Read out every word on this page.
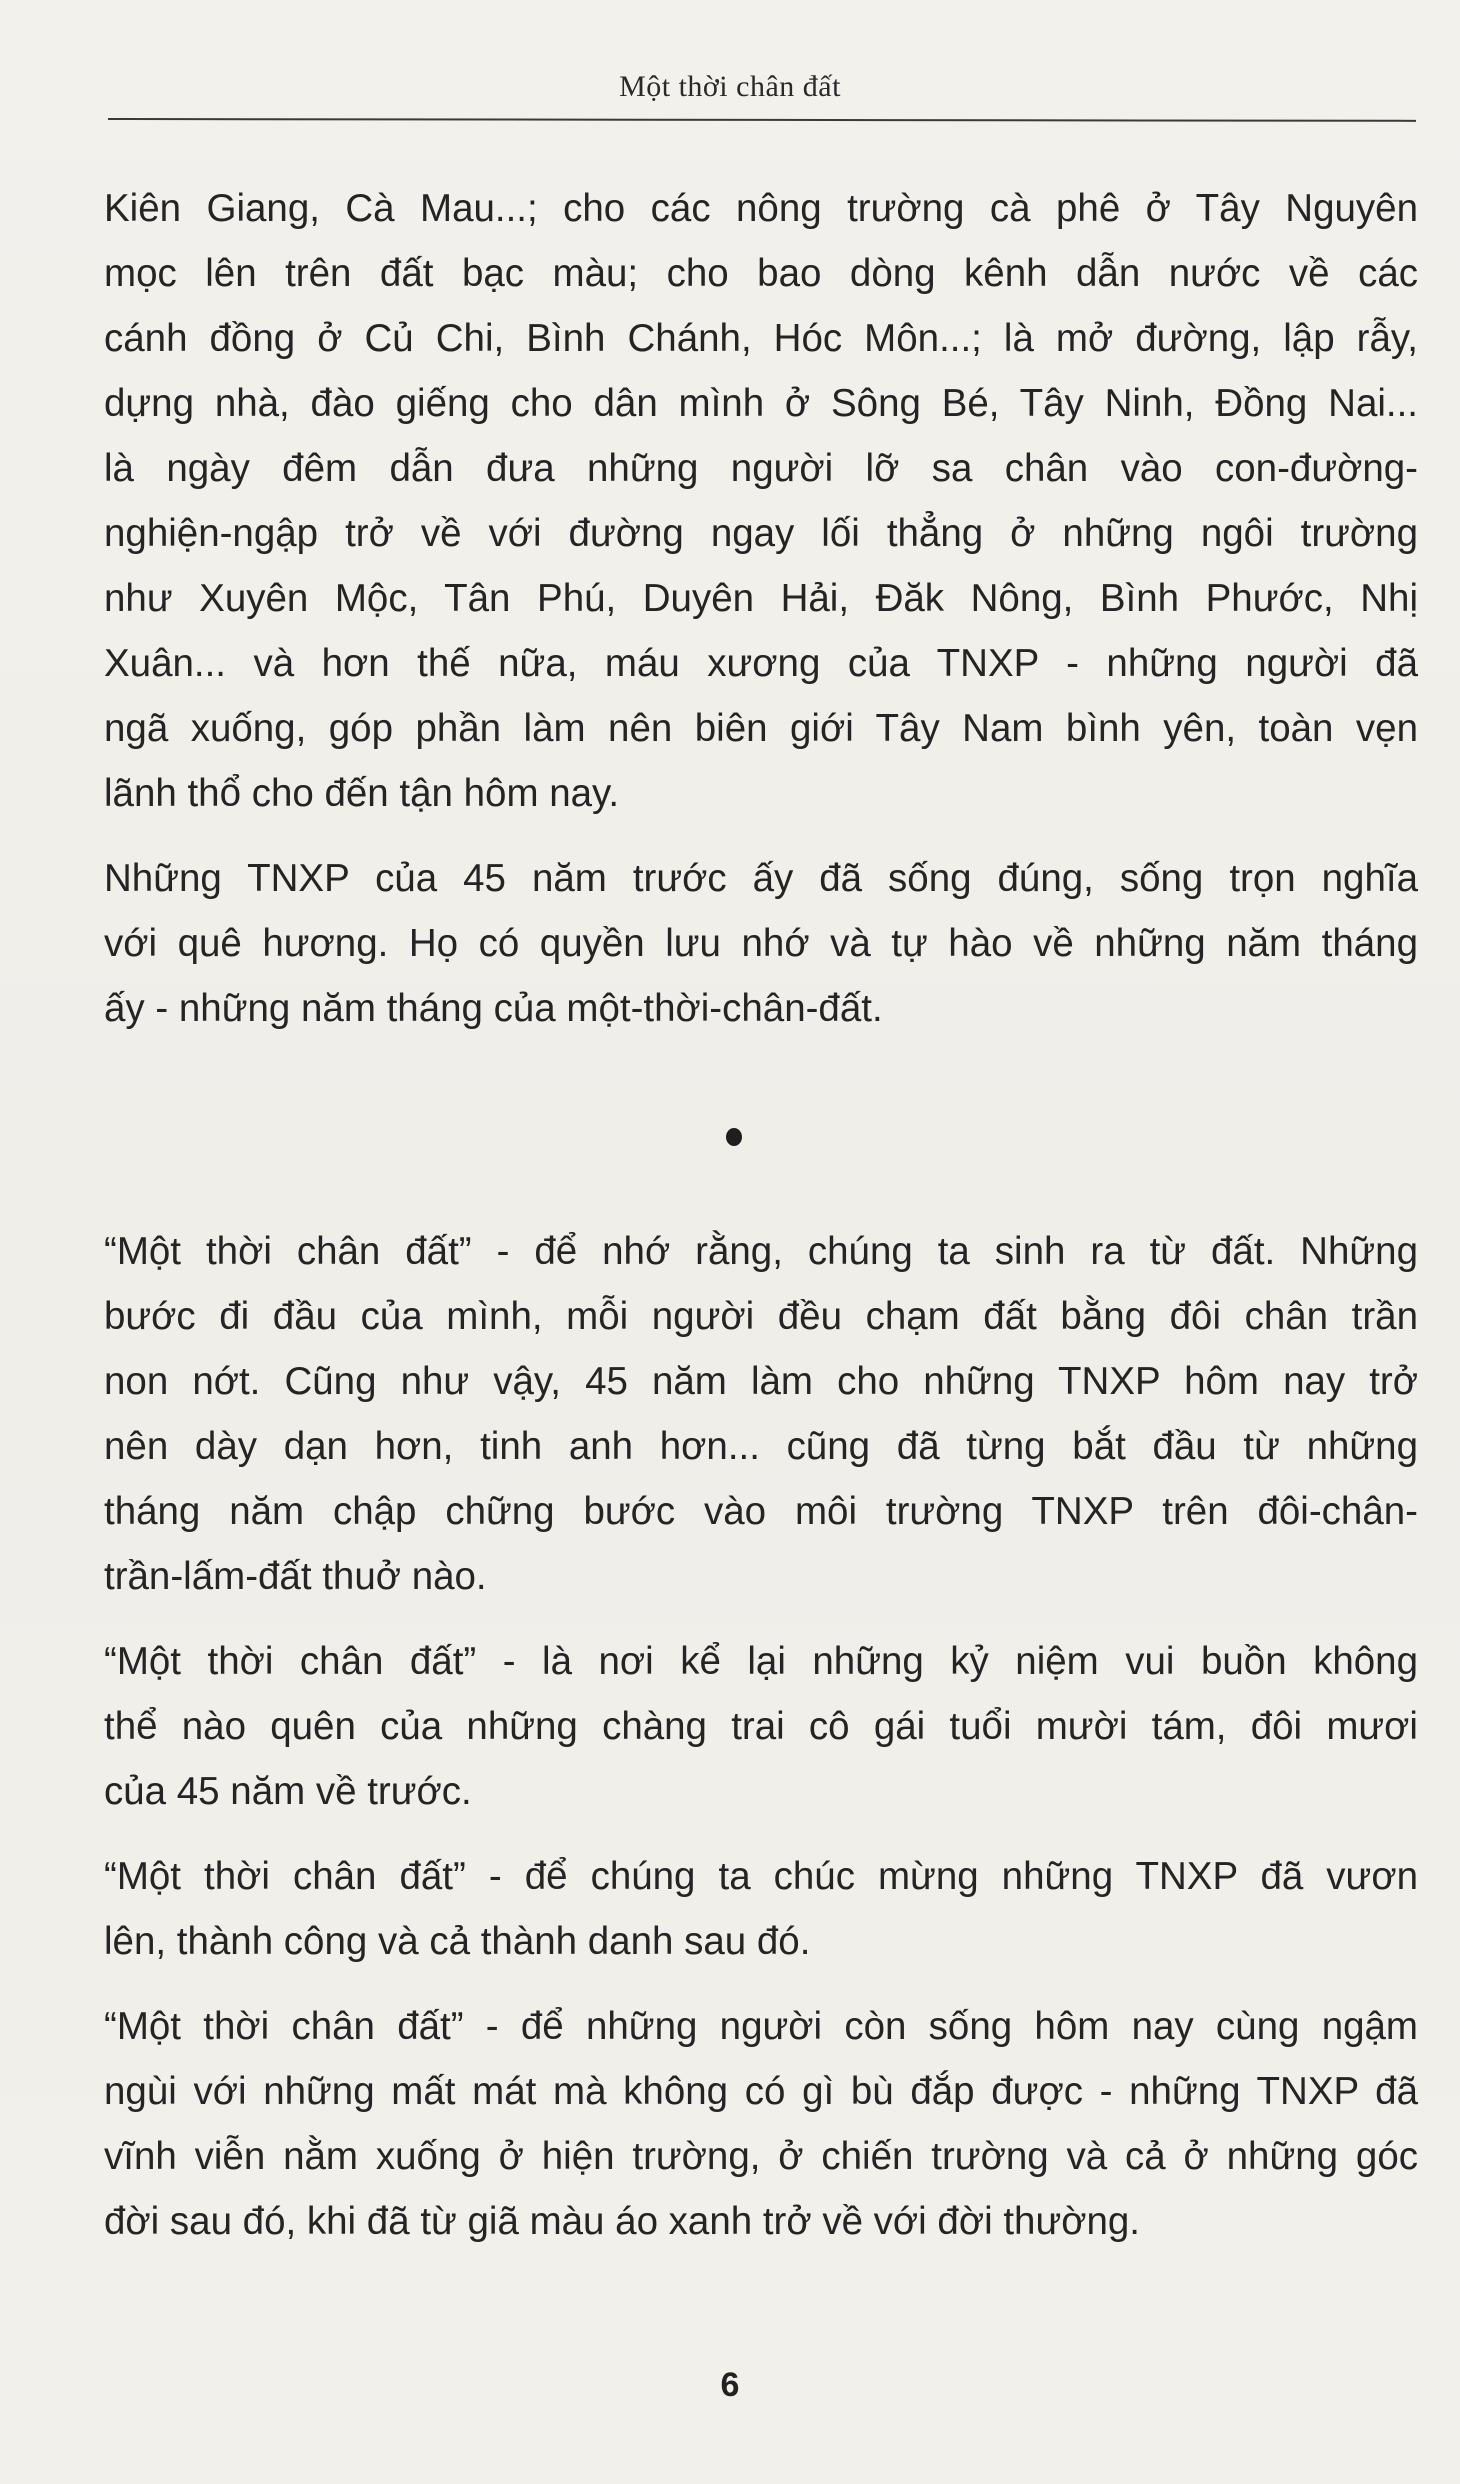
Một thời chân đất
Kiên Giang, Cà Mau...; cho các nông trường cà phê ở Tây Nguyên
mọc lên trên đất bạc màu; cho bao dòng kênh dẫn nước về các
cánh đồng ở Củ Chi, Bình Chánh, Hóc Môn...; là mở đường, lập rẫy,
dựng nhà, đào giếng cho dân mình ở Sông Bé, Tây Ninh, Đồng Nai...
là ngày đêm dẫn đưa những người lỡ sa chân vào con-đường-
nghiện-ngập trở về với đường ngay lối thẳng ở những ngôi trường
như Xuyên Mộc, Tân Phú, Duyên Hải, Đăk Nông, Bình Phước, Nhị
Xuân... và hơn thế nữa, máu xương của TNXP - những người đã
ngã xuống, góp phần làm nên biên giới Tây Nam bình yên, toàn vẹn
lãnh thổ cho đến tận hôm nay.
Những TNXP của 45 năm trước ấy đã sống đúng, sống trọn nghĩa
với quê hương. Họ có quyền lưu nhớ và tự hào về những năm tháng
ấy - những năm tháng của một-thời-chân-đất.
“Một thời chân đất” - để nhớ rằng, chúng ta sinh ra từ đất. Những
bước đi đầu của mình, mỗi người đều chạm đất bằng đôi chân trần
non nớt. Cũng như vậy, 45 năm làm cho những TNXP hôm nay trở
nên dày dạn hơn, tinh anh hơn... cũng đã từng bắt đầu từ những
tháng năm chập chững bước vào môi trường TNXP trên đôi-chân-
trần-lấm-đất thuở nào.
“Một thời chân đất” - là nơi kể lại những kỷ niệm vui buồn không
thể nào quên của những chàng trai cô gái tuổi mười tám, đôi mươi
của 45 năm về trước.
“Một thời chân đất” - để chúng ta chúc mừng những TNXP đã vươn
lên, thành công và cả thành danh sau đó.
“Một thời chân đất” - để những người còn sống hôm nay cùng ngậm
ngùi với những mất mát mà không có gì bù đắp được - những TNXP đã
vĩnh viễn nằm xuống ở hiện trường, ở chiến trường và cả ở những góc
đời sau đó, khi đã từ giã màu áo xanh trở về với đời thường.
6
